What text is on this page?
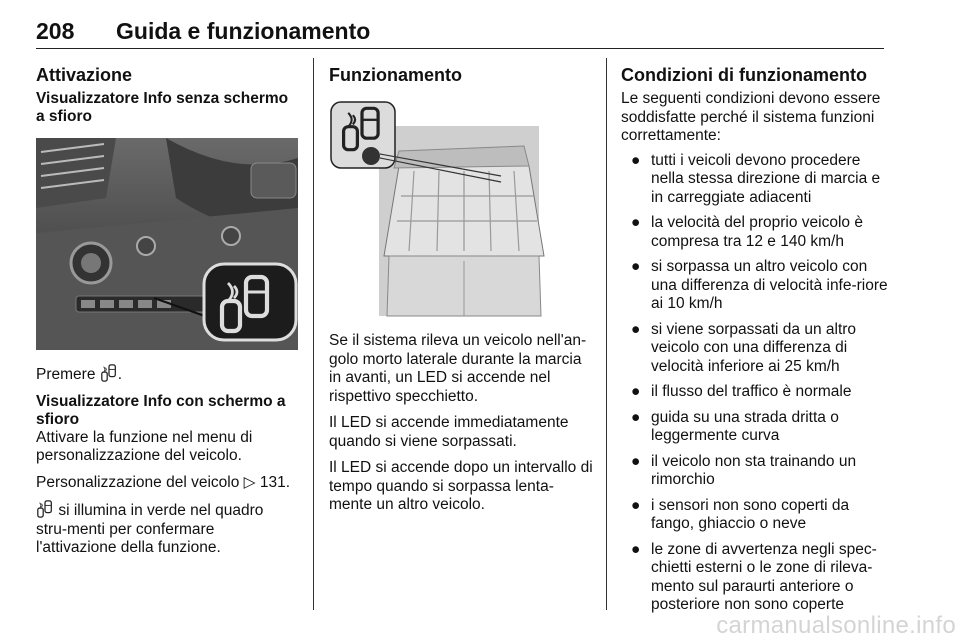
208 Guida e funzionamento
Attivazione
Visualizzatore Info senza schermo a sfioro

Premere .

Visualizzatore Info con schermo a sfioro

Attivare la funzione nel menu di personalizzazione del veicolo.

Personalizzazione del veicolo ▷ 131.

si illumina in verde nel quadro stru-menti per confermare l'attivazione della funzione.

Funzionamento

Se il sistema rileva un veicolo nell'an-golo morto laterale durante la marcia in avanti, un LED si accende nel rispettivo specchietto.

Il LED si accende immediatamente quando si viene sorpassati.

Il LED si accende dopo un intervallo di tempo quando si sorpassa lenta-mente un altro veicolo.

Condizioni di funzionamento

Le seguenti condizioni devono essere soddisfatte perché il sistema funzioni correttamente:

● tutti i veicoli devono procedere nella stessa direzione di marcia e in carreggiate adiacenti
● la velocità del proprio veicolo è compresa tra 12 e 140 km/h
● si sorpassa un altro veicolo con una differenza di velocità infe-riore ai 10 km/h
● si viene sorpassati da un altro veicolo con una differenza di velocità inferiore ai 25 km/h
● il flusso del traffico è normale
● guida su una strada dritta o leggermente curva
● il veicolo non sta trainando un rimorchio
● i sensori non sono coperti da fango, ghiaccio o neve
● le zone di avvertenza negli spec-chietti esterni o le zone di rileva-mento sul paraurti anteriore o posteriore non sono coperte
carmanualsonline.info
